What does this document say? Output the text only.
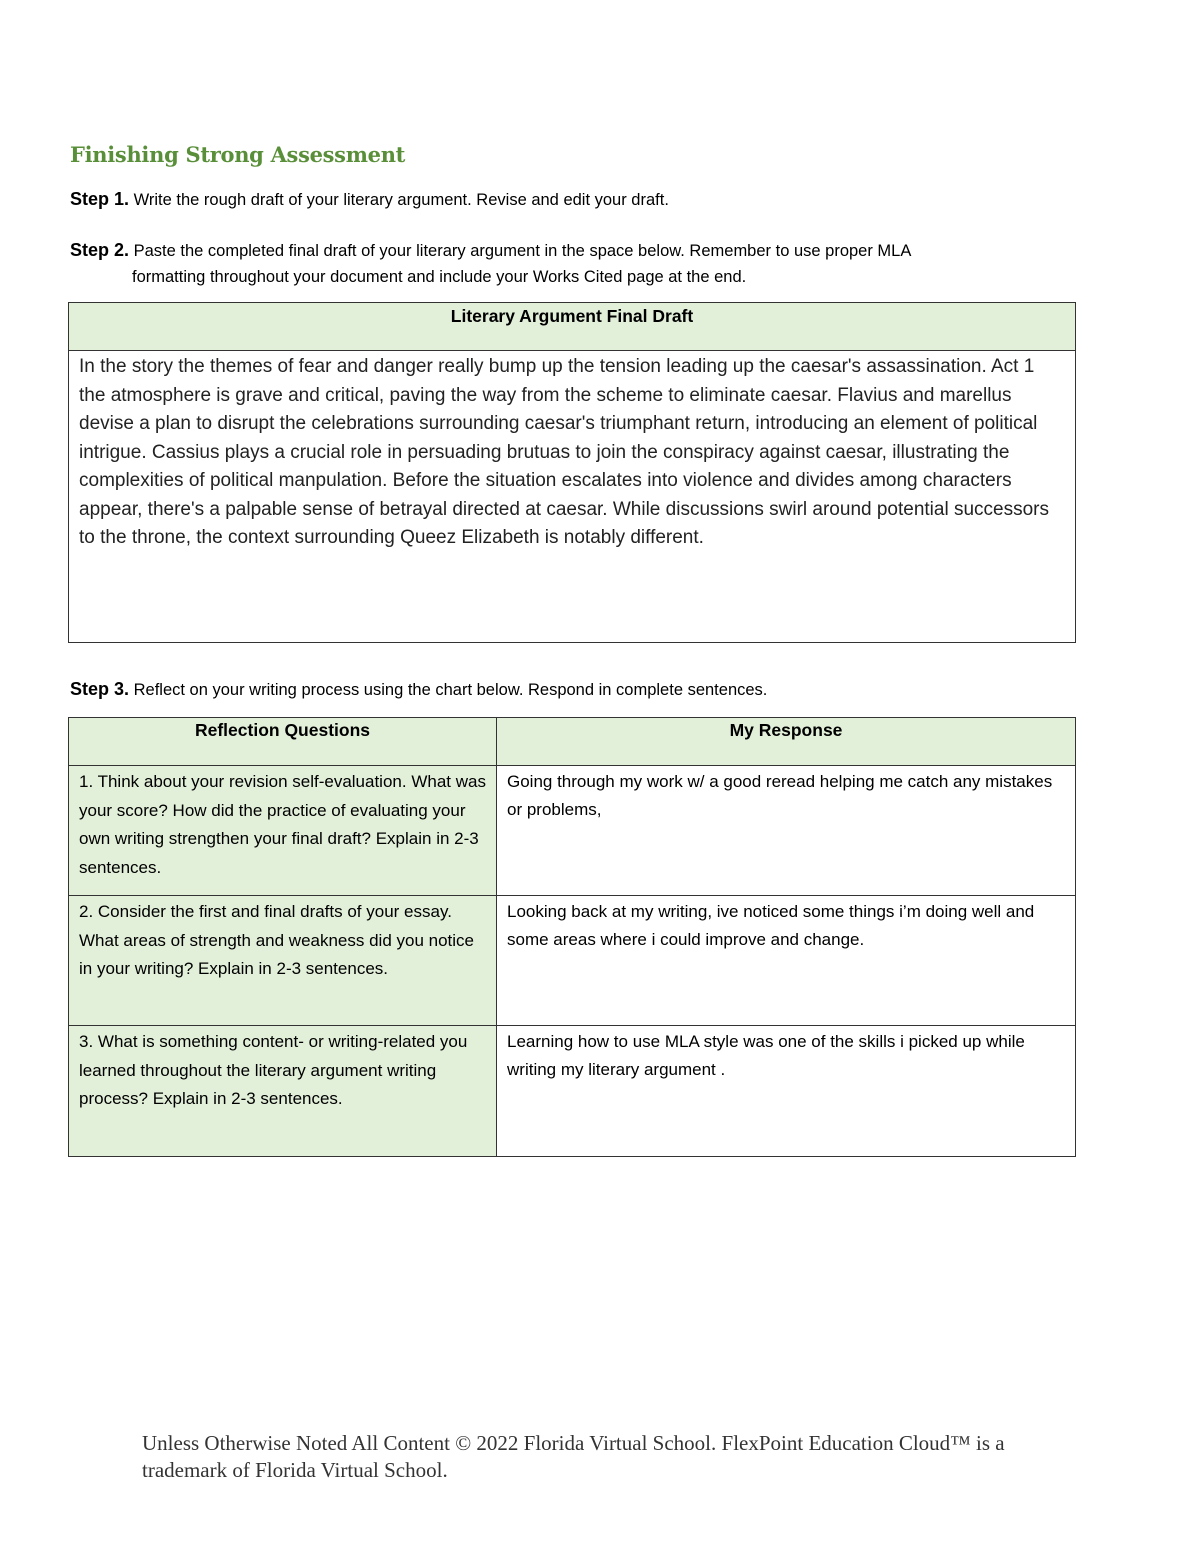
Finishing Strong Assessment
Step 1. Write the rough draft of your literary argument. Revise and edit your draft.
Step 2. Paste the completed final draft of your literary argument in the space below. Remember to use proper MLA
formatting throughout your document and include your Works Cited page at the end.
Literary Argument Final Draft
In the story the themes of fear and danger really bump up the tension leading up the caesar's assassination. Act 1 the atmosphere is grave and critical, paving the way from the scheme to eliminate caesar. Flavius and marellus devise a plan to disrupt the celebrations surrounding caesar's triumphant return, introducing an element of political intrigue. Cassius plays a crucial role in persuading brutuas to join the conspiracy against caesar, illustrating the complexities of political manpulation. Before the situation escalates into violence and divides among characters appear, there's a palpable sense of betrayal directed at caesar. While discussions swirl around potential successors to the throne, the context surrounding Queez Elizabeth is notably different.
Step 3. Reflect on your writing process using the chart below. Respond in complete sentences.
Reflection Questions	My Response
1. Think about your revision self-evaluation. What was your score? How did the practice of evaluating your own writing strengthen your final draft? Explain in 2-3 sentences.	Going through my work w/ a good reread helping me catch any mistakes or problems,
2. Consider the first and final drafts of your essay. What areas of strength and weakness did you notice in your writing? Explain in 2-3 sentences.	Looking back at my writing, ive noticed some things i’m doing well and some areas where i could improve and change.
3. What is something content- or writing-related you learned throughout the literary argument writing process? Explain in 2-3 sentences.	Learning how to use MLA style was one of the skills i picked up while writing my literary argument .
Unless Otherwise Noted All Content © 2022 Florida Virtual School. FlexPoint Education Cloud™ is a trademark of Florida Virtual School.
